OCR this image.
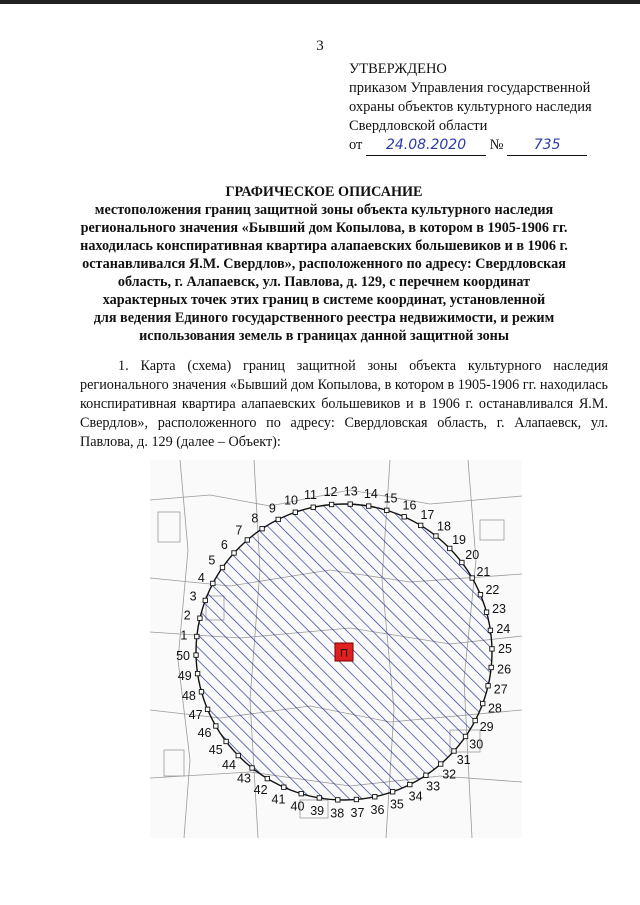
3
УТВЕРЖДЕНО
приказом Управления государственной
охраны объектов культурного наследия
Свердловской области
от 24.08.2020 № 735
ГРАФИЧЕСКОЕ ОПИСАНИЕ
местоположения границ защитной зоны объекта культурного наследия
регионального значения «Бывший дом Копылова, в котором в 1905-1906 гг.
находилась конспиративная квартира алапаевских большевиков и в 1906 г.
останавливался Я.М. Свердлов», расположенного по адресу: Свердловская
область, г. Алапаевск, ул. Павлова, д. 129, с перечнем координат
характерных точек этих границ в системе координат, установленной
для ведения Единого государственного реестра недвижимости, и режим
использования земель в границах данной защитной зоны
1. Карта (схема) границ защитной зоны объекта культурного наследия регионального значения «Бывший дом Копылова, в котором в 1905-1906 гг. находилась конспиративная квартира алапаевских большевиков и в 1906 г. останавливался Я.М. Свердлов», расположенного по адресу: Свердловская область, г. Алапаевск, ул. Павлова, д. 129 (далее – Объект):
П
1
2
3
4
5
6
7
8
9
10 11 12 13 14 15
16
17
18
19
20
21
22
23
24
25
26
27
28
29
30
31
32
33
34
35
36
37
38
39
40
41
42
43
44
45
46
47
48
49
50
